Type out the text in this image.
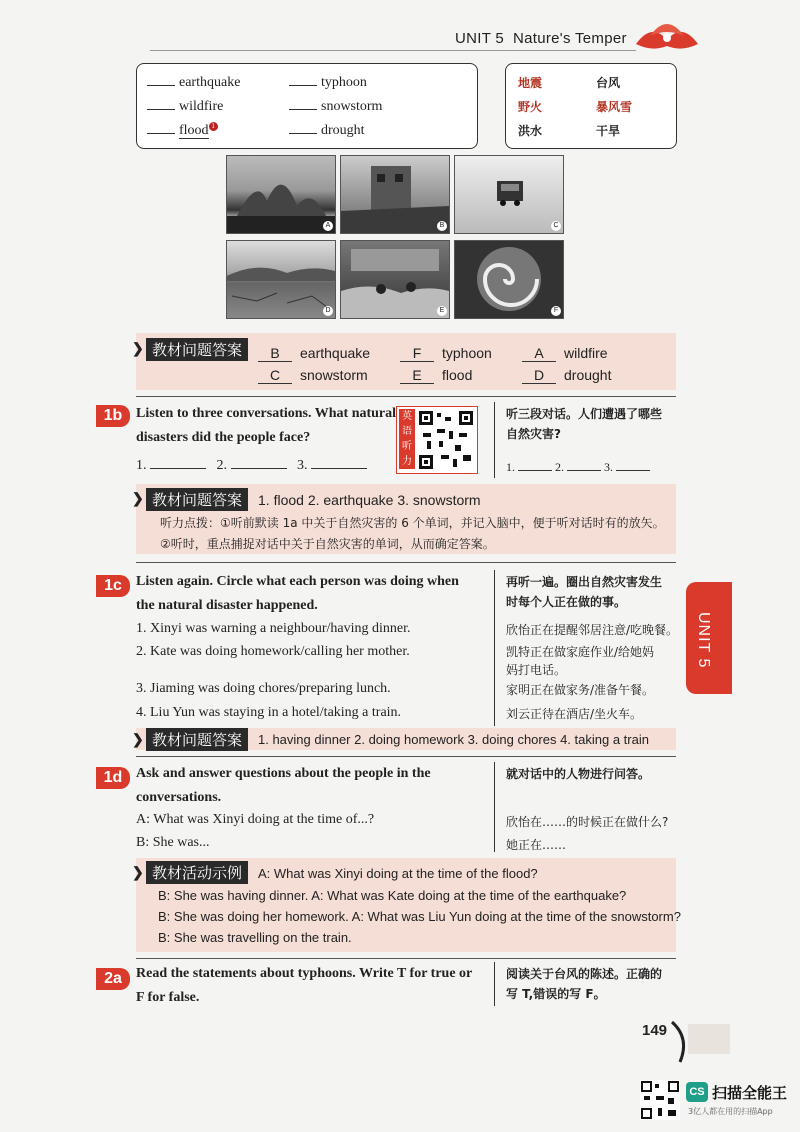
UNIT 5 Nature's Temper
earthquake	typhoon
wildfire	snowstorm
flood 1	drought
地震	台风
野火	暴风雪
洪水	干旱
A	B	C
D	E	F
❯ 教材问题答案	B earthquake	F typhoon	A wildfire
C snowstorm	E flood	D drought
1b Listen to three conversations. What natural
disasters did the people face?
1.	2.	3.
英语听力
听三段对话。人们遭遇了哪些
自然灾害?
1.	2.	3.
❯ 教材问题答案	1. flood 2. earthquake 3. snowstorm
听力点拨：①听前默读 1a 中关于自然灾害的 6 个单词，并记入脑中，便于听对话时有的放矢。
②听时，重点捕捉对话中关于自然灾害的单词，从而确定答案。
1c	Listen again. Circle what each person was doing when
the natural disaster happened.
1. Xinyi was warning a neighbour/having dinner.
2. Kate was doing homework/calling her mother.
3. Jiaming was doing chores/preparing lunch.
4. Liu Yun was staying in a hotel/taking a train.
再听一遍。圈出自然灾害发生
时每个人正在做的事。
欣怡正在提醒邻居注意/吃晚餐。
凯特正在做家庭作业/给她妈
妈打电话。
家明正在做家务/准备午餐。
刘云正待在酒店/坐火车。
❯ 教材问题答案	1. having dinner 2. doing homework 3. doing chores 4. taking a train
UNIT 5
1d Ask and answer questions about the people in the
conversations.
A: What was Xinyi doing at the time of...?
B: She was...
就对话中的人物进行问答。
欣怡在……的时候正在做什么?
她正在……
❯ 教材活动示例	A: What was Xinyi doing at the time of the flood?
B: She was having dinner. A: What was Kate doing at the time of the earthquake?
B: She was doing her homework. A: What was Liu Yun doing at the time of the snowstorm?
B: She was travelling on the train.
2a	Read the statements about typhoons. Write T for true or
F for false.
阅读关于台风的陈述。正确的
写 T,错误的写 F。
149
CS 扫描全能王
3亿人都在用的扫描App
